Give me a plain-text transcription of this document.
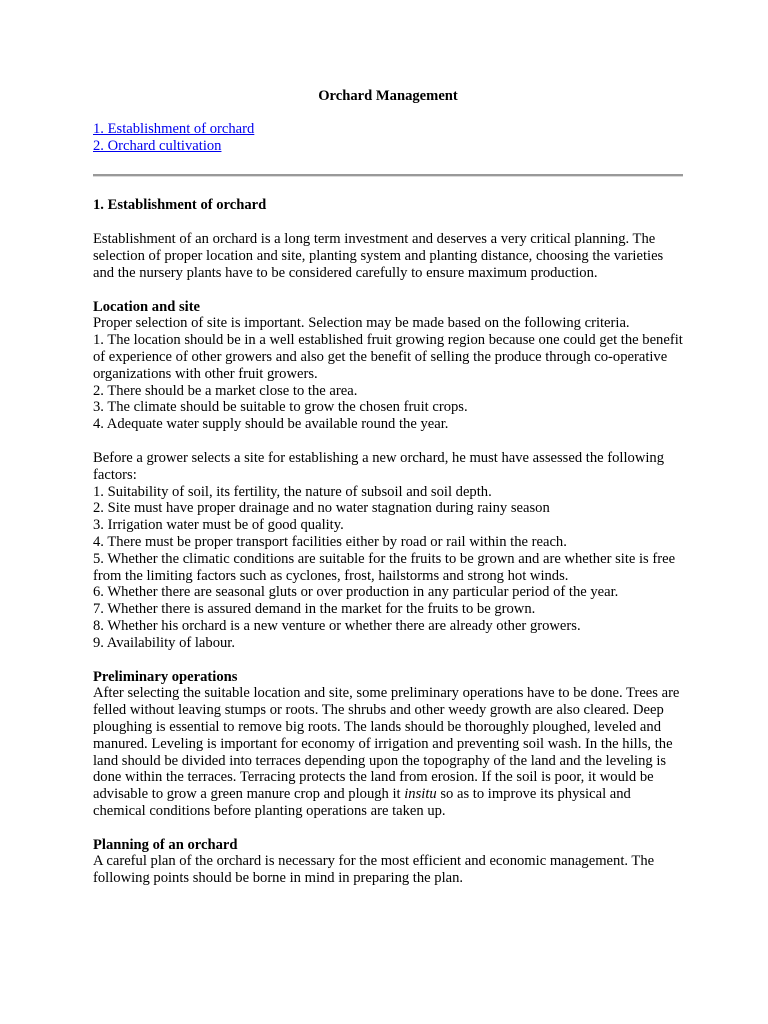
Orchard Management
1. Establishment of orchard
2. Orchard cultivation
1. Establishment of orchard

Establishment of an orchard is a long term investment and deserves a very critical planning. The selection of proper location and site, planting system and planting distance, choosing the varieties and the nursery plants have to be considered carefully to ensure maximum production.

Location and site
Proper selection of site is important. Selection may be made based on the following criteria.
1. The location should be in a well established fruit growing region because one could get the benefit of experience of other growers and also get the benefit of selling the produce through co-operative organizations with other fruit growers.
2. There should be a market close to the area.
3. The climate should be suitable to grow the chosen fruit crops.
4. Adequate water supply should be available round the year.
Before a grower selects a site for establishing a new orchard, he must have assessed the following factors:
1. Suitability of soil, its fertility, the nature of subsoil and soil depth.
2. Site must have proper drainage and no water stagnation during rainy season
3. Irrigation water must be of good quality.
4. There must be proper transport facilities either by road or rail within the reach.
5. Whether the climatic conditions are suitable for the fruits to be grown and are whether site is free from the limiting factors such as cyclones, frost, hailstorms and strong hot winds.
6. Whether there are seasonal gluts or over production in any particular period of the year.
7. Whether there is assured demand in the market for the fruits to be grown.
8. Whether his orchard is a new venture or whether there are already other growers.
9. Availability of labour.
Preliminary operations
After selecting the suitable location and site, some preliminary operations have to be done. Trees are felled without leaving stumps or roots. The shrubs and other weedy growth are also cleared. Deep ploughing is essential to remove big roots. The lands should be thoroughly ploughed, leveled and manured. Leveling is important for economy of irrigation and preventing soil wash. In the hills, the land should be divided into terraces depending upon the topography of the land and the leveling is done within the terraces. Terracing protects the land from erosion. If the soil is poor, it would be advisable to grow a green manure crop and plough it insitu so as to improve its physical and chemical conditions before planting operations are taken up.
Planning of an orchard
A careful plan of the orchard is necessary for the most efficient and economic management. The following points should be borne in mind in preparing the plan.
